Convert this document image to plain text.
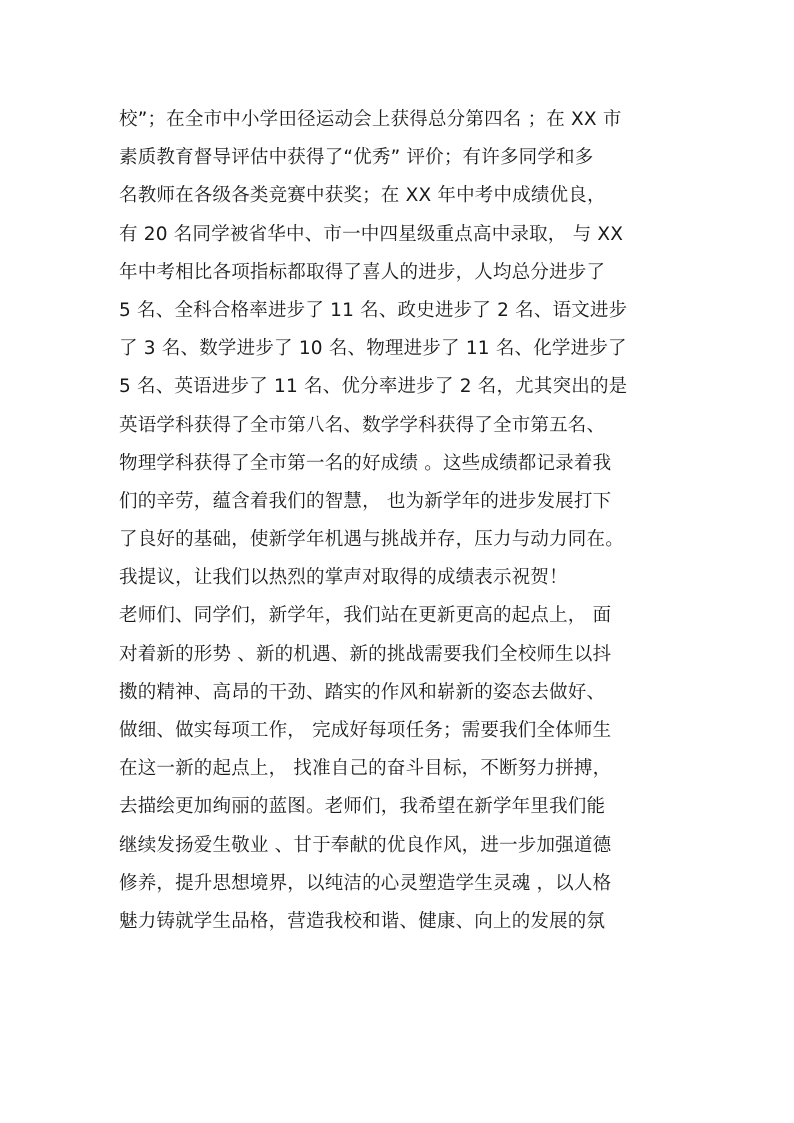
校”；在全市中小学田径运动会上获得总分第四名 ；在 XX 市
素质教育督导评估中获得了“优秀” 评价；有许多同学和多
名教师在各级各类竞赛中获奖；在 XX 年中考中成绩优良，
有 20 名同学被省华中、市一中四星级重点高中录取， 与 XX
年中考相比各项指标都取得了喜人的进步，人均总分进步了
5 名、全科合格率进步了 11 名、政史进步了 2 名、语文进步
了 3 名、数学进步了 10 名、物理进步了 11 名、化学进步了
5 名、英语进步了 11 名、优分率进步了 2 名，尤其突出的是
英语学科获得了全市第八名、数学学科获得了全市第五名、
物理学科获得了全市第一名的好成绩 。这些成绩都记录着我
们的辛劳，蕴含着我们的智慧， 也为新学年的进步发展打下
了良好的基础，使新学年机遇与挑战并存，压力与动力同在。
我提议，让我们以热烈的掌声对取得的成绩表示祝贺！
老师们、同学们，新学年，我们站在更新更高的起点上， 面
对着新的形势 、新的机遇、新的挑战需要我们全校师生以抖
擞的精神、高昂的干劲、踏实的作风和崭新的姿态去做好、
做细、做实每项工作， 完成好每项任务；需要我们全体师生
在这一新的起点上， 找准自己的奋斗目标，不断努力拼搏，
去描绘更加绚丽的蓝图。老师们，我希望在新学年里我们能
继续发扬爱生敬业 、甘于奉献的优良作风，进一步加强道德
修养，提升思想境界，以纯洁的心灵塑造学生灵魂 ，以人格
魅力铸就学生品格，营造我校和谐、健康、向上的发展的氛
